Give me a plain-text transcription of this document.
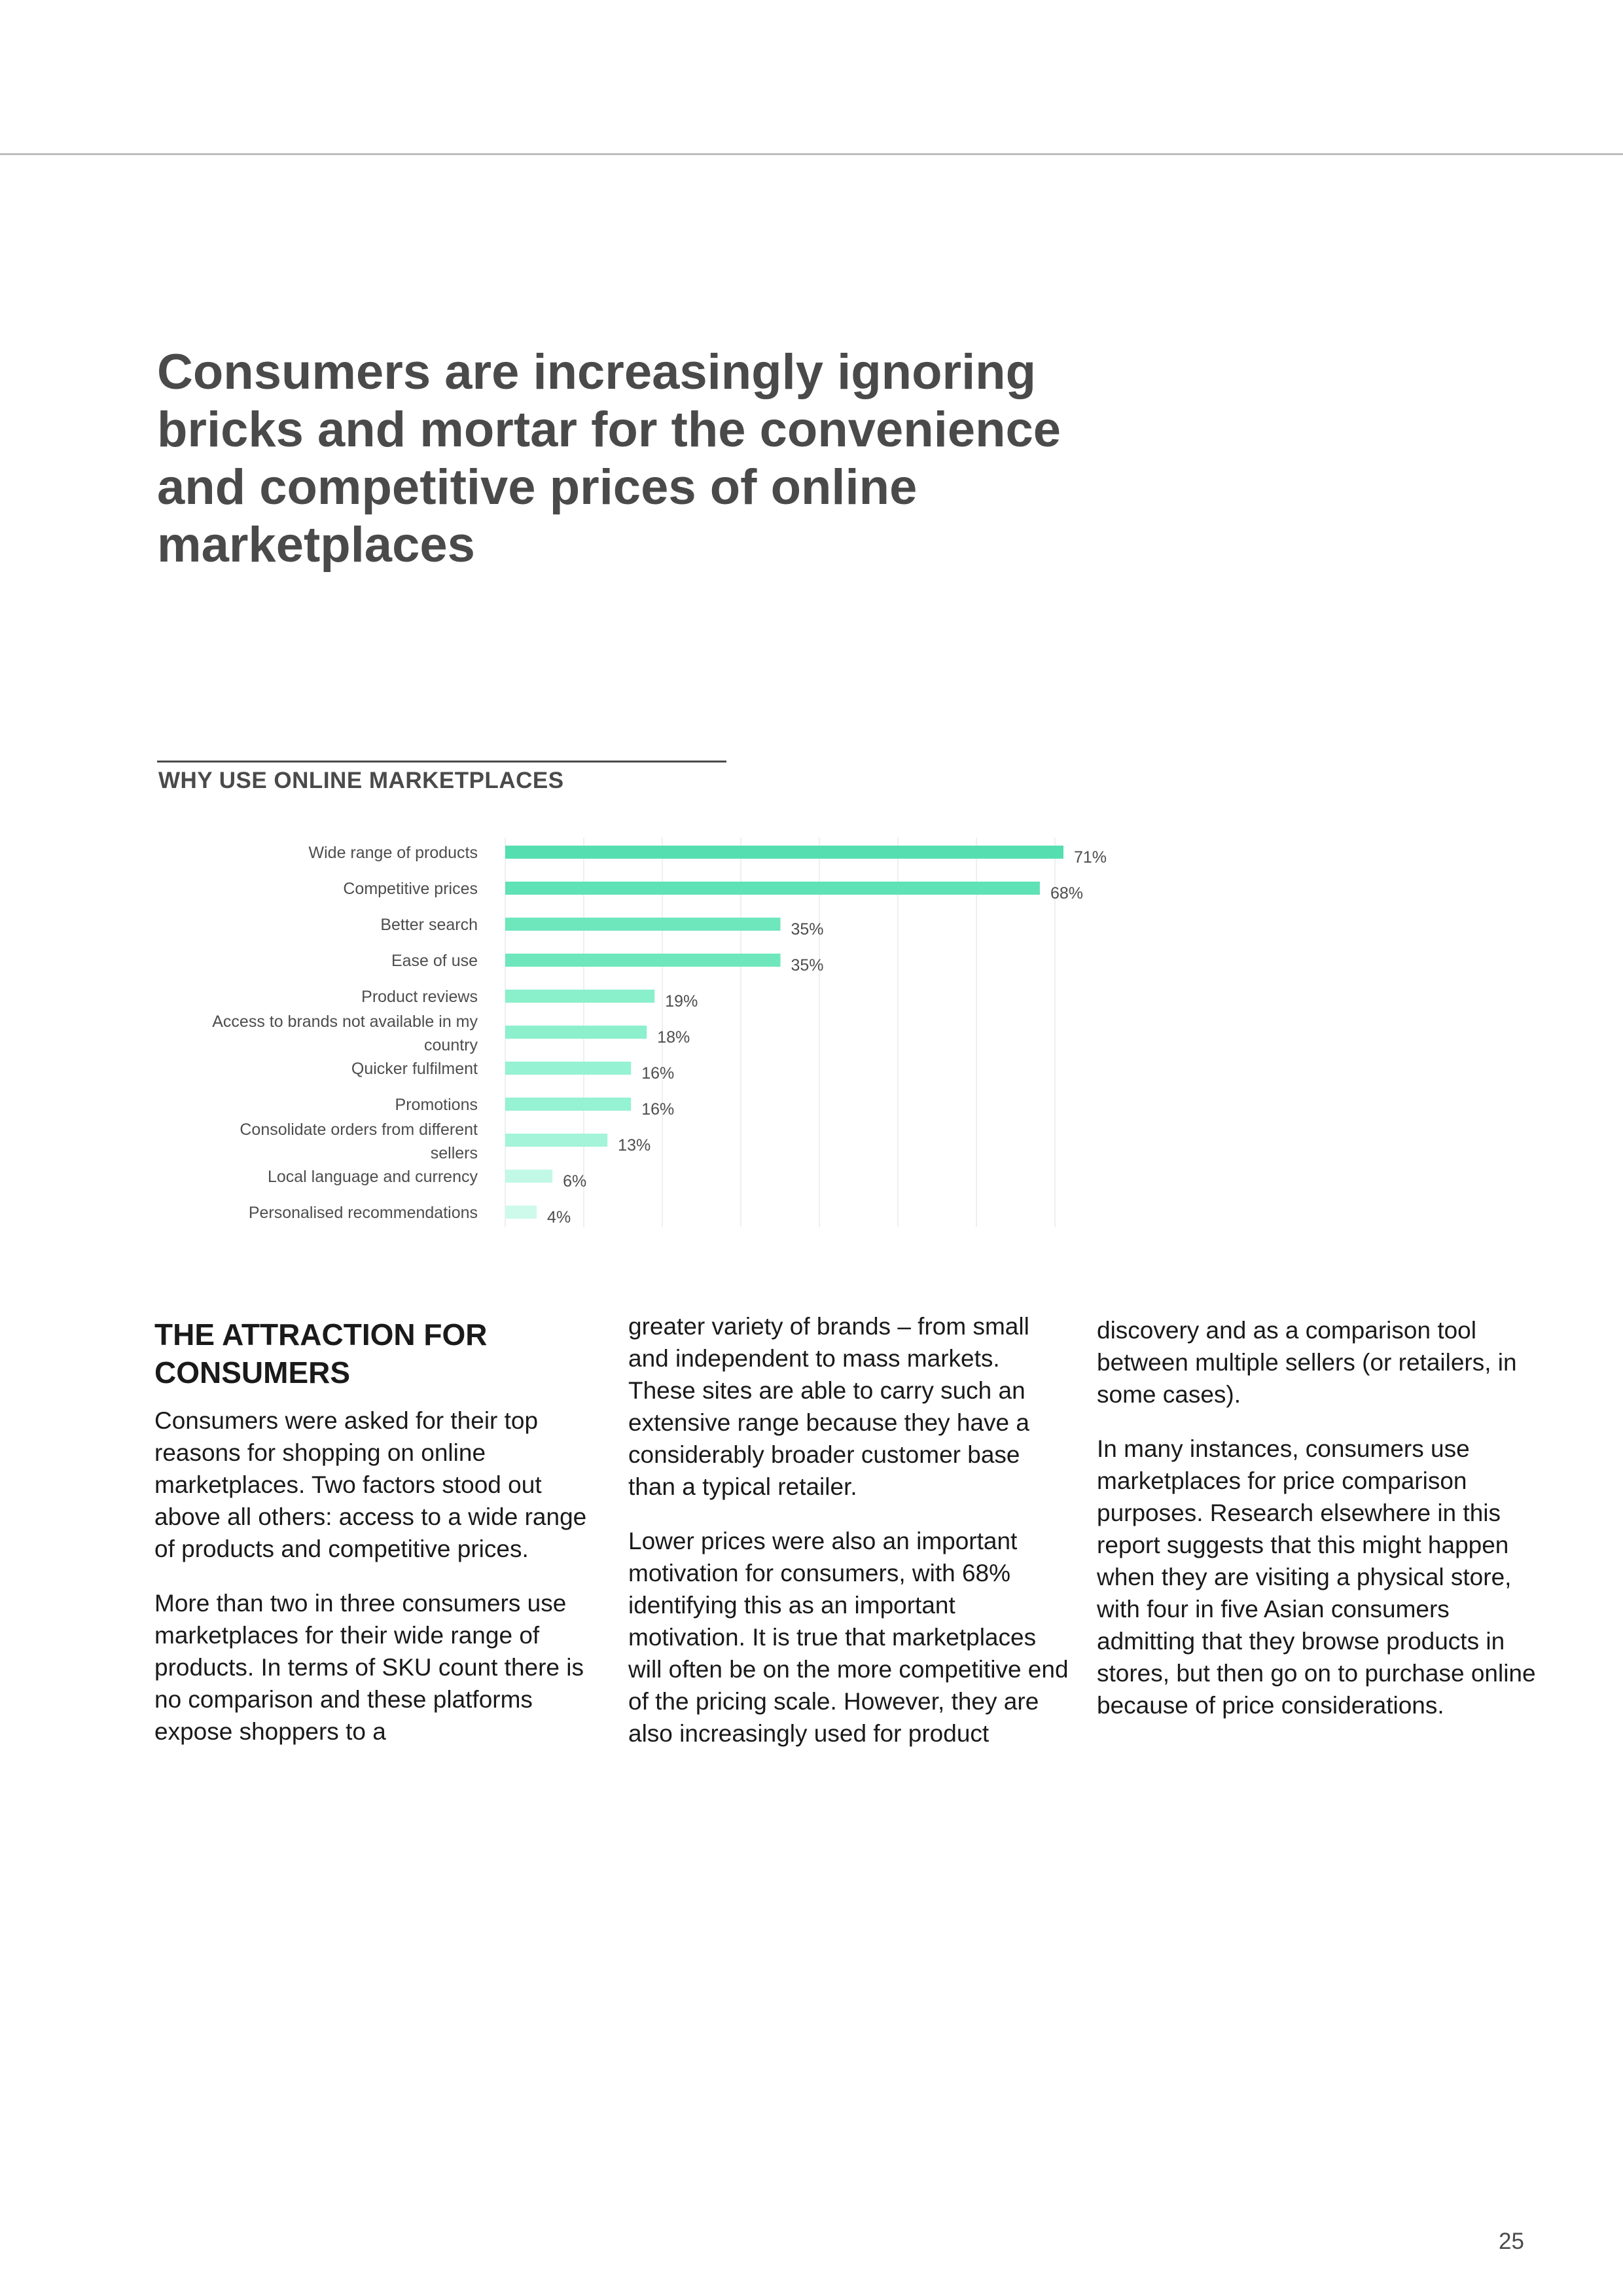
Consumers are increasingly ignoring bricks and mortar for the convenience and competitive prices of online marketplaces
WHY USE ONLINE MARKETPLACES
Wide range of products	71%
Competitive prices	68%
Better search	35%
Ease of use	35%
Product reviews	19%
Access to brands not available in my country	18%
Quicker fulfilment	16%
Promotions	16%
Consolidate orders from different sellers	13%
Local language and currency	6%
Personalised recommendations	4%
THE ATTRACTION FOR CONSUMERS

Consumers were asked for their top reasons for shopping on online marketplaces. Two factors stood out above all others: access to a wide range of products and competitive prices.

More than two in three consumers use marketplaces for their wide range of products. In terms of SKU count there is no comparison and these platforms expose shoppers to a

greater variety of brands – from small and independent to mass markets. These sites are able to carry such an extensive range because they have a considerably broader customer base than a typical retailer.

Lower prices were also an important motivation for consumers, with 68% identifying this as an important motivation. It is true that marketplaces will often be on the more competitive end of the pricing scale. However, they are also increasingly used for product

discovery and as a comparison tool between multiple sellers (or retailers, in some cases).

In many instances, consumers use marketplaces for price comparison purposes. Research elsewhere in this report suggests that this might happen when they are visiting a physical store, with four in five Asian consumers admitting that they browse products in stores, but then go on to purchase online because of price considerations.

25
